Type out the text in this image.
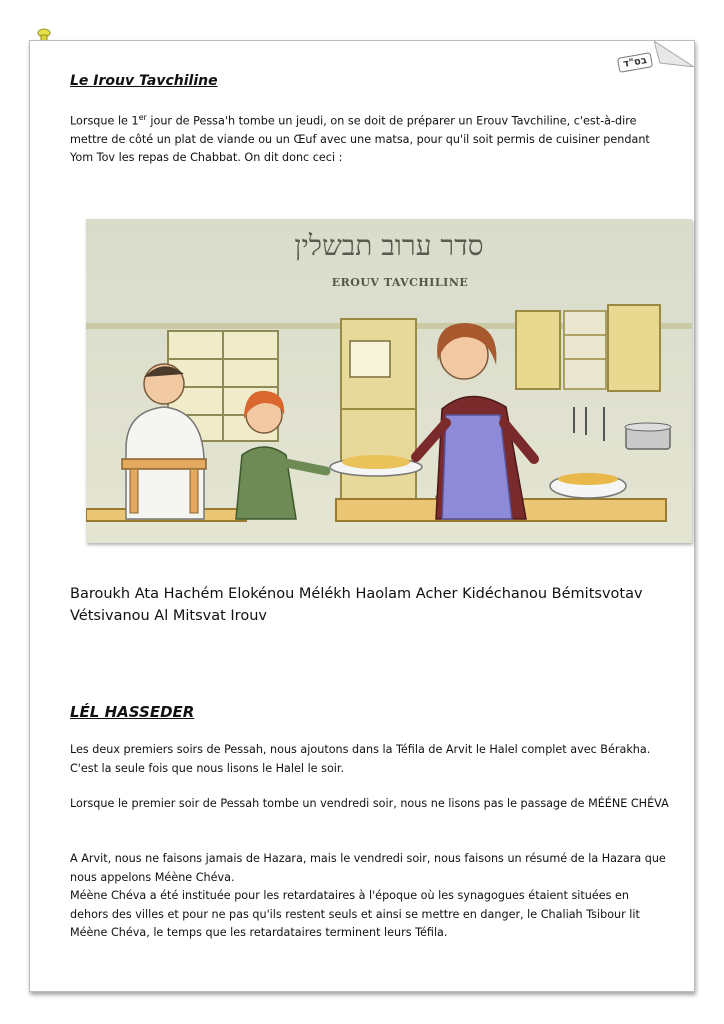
בס"ד
Le Irouv Tavchiline

Lorsque le 1er jour de Pessa'h tombe un jeudi, on se doit de préparer un Erouv Tavchiline, c'est-à-dire mettre de côté un plat de viande ou un Œuf avec une matsa, pour qu'il soit permis de cuisiner pendant Yom Tov les repas de Chabbat. On dit donc ceci :

סדר ערוב תבשלין
EROUV TAVCHILINE

Baroukh Ata Hachém Elokénou Mélékh Haolam Acher Kidéchanou Bémitsvotav Vétsivanou Al Mitsvat Irouv

LÉL HASSEDER

Les deux premiers soirs de Pessah, nous ajoutons dans la Téfila de Arvit le Halel complet avec Bérakha. C'est la seule fois que nous lisons le Halel le soir.

Lorsque le premier soir de Pessah tombe un vendredi soir, nous ne lisons pas le passage de MÉÉNE CHÉVA

A Arvit, nous ne faisons jamais de Hazara, mais le vendredi soir, nous faisons un résumé de la Hazara que nous appelons Méène Chéva.
Méène Chéva a été instituée pour les retardataires à l'époque où les synagogues étaient situées en dehors des villes et pour ne pas qu'ils restent seuls et ainsi se mettre en danger, le Chaliah Tsibour lit Méène Chéva, le temps que les retardataires terminent leurs Téfila.
